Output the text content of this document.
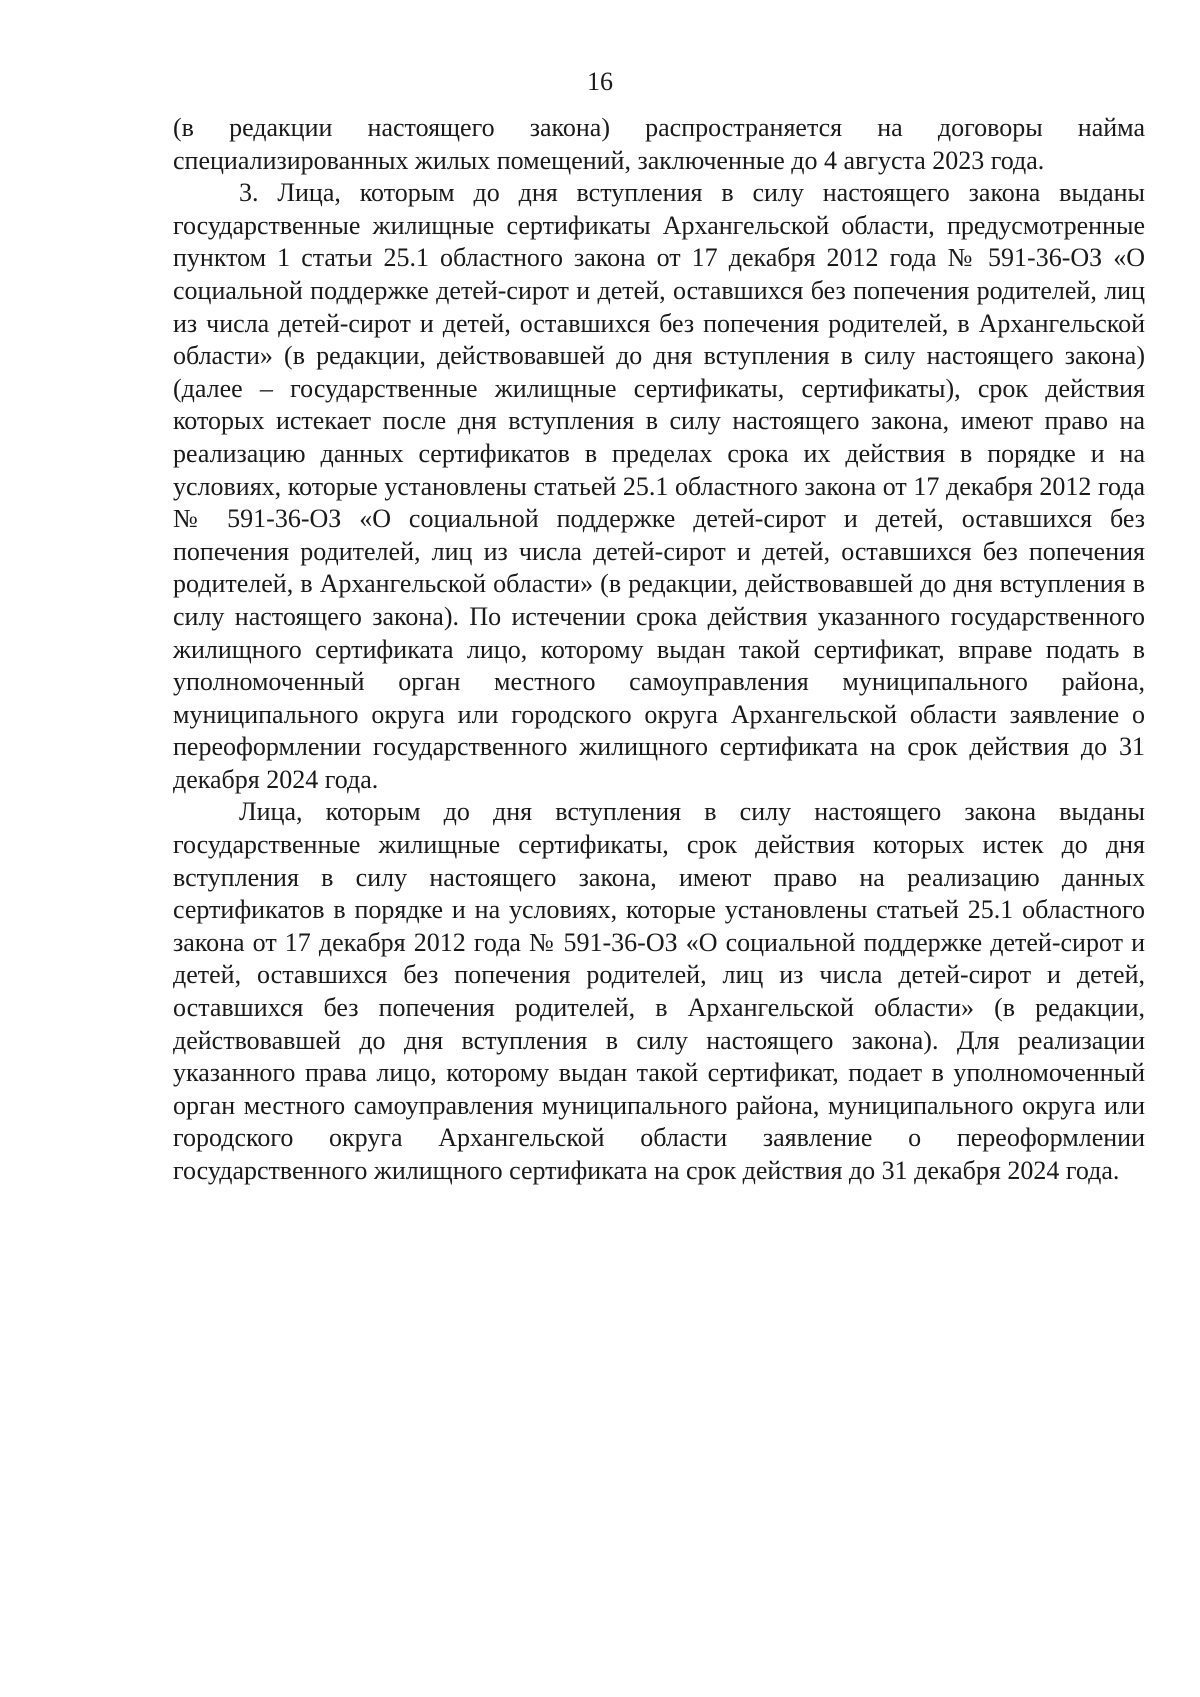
16

(в редакции настоящего закона) распространяется на договоры найма специализированных жилых помещений, заключенные до 4 августа 2023 года.

3. Лица, которым до дня вступления в силу настоящего закона выданы государственные жилищные сертификаты Архангельской области, предусмотренные пунктом 1 статьи 25.1 областного закона от 17 декабря 2012 года № 591-36-ОЗ «О социальной поддержке детей-сирот и детей, оставшихся без попечения родителей, лиц из числа детей-сирот и детей, оставшихся без попечения родителей, в Архангельской области» (в редакции, действовавшей до дня вступления в силу настоящего закона) (далее – государственные жилищные сертификаты, сертификаты), срок действия которых истекает после дня вступления в силу настоящего закона, имеют право на реализацию данных сертификатов в пределах срока их действия в порядке и на условиях, которые установлены статьей 25.1 областного закона от 17 декабря 2012 года № 591-36-ОЗ «О социальной поддержке детей-сирот и детей, оставшихся без попечения родителей, лиц из числа детей-сирот и детей, оставшихся без попечения родителей, в Архангельской области» (в редакции, действовавшей до дня вступления в силу настоящего закона). По истечении срока действия указанного государственного жилищного сертификата лицо, которому выдан такой сертификат, вправе подать в уполномоченный орган местного самоуправления муниципального района, муниципального округа или городского округа Архангельской области заявление о переоформлении государственного жилищного сертификата на срок действия до 31 декабря 2024 года.

Лица, которым до дня вступления в силу настоящего закона выданы государственные жилищные сертификаты, срок действия которых истек до дня вступления в силу настоящего закона, имеют право на реализацию данных сертификатов в порядке и на условиях, которые установлены статьей 25.1 областного закона от 17 декабря 2012 года № 591-36-ОЗ «О социальной поддержке детей-сирот и детей, оставшихся без попечения родителей, лиц из числа детей-сирот и детей, оставшихся без попечения родителей, в Архангельской области» (в редакции, действовавшей до дня вступления в силу настоящего закона). Для реализации указанного права лицо, которому выдан такой сертификат, подает в уполномоченный орган местного самоуправления муниципального района, муниципального округа или городского округа Архангельской области заявление о переоформлении государственного жилищного сертификата на срок действия до 31 декабря 2024 года.
